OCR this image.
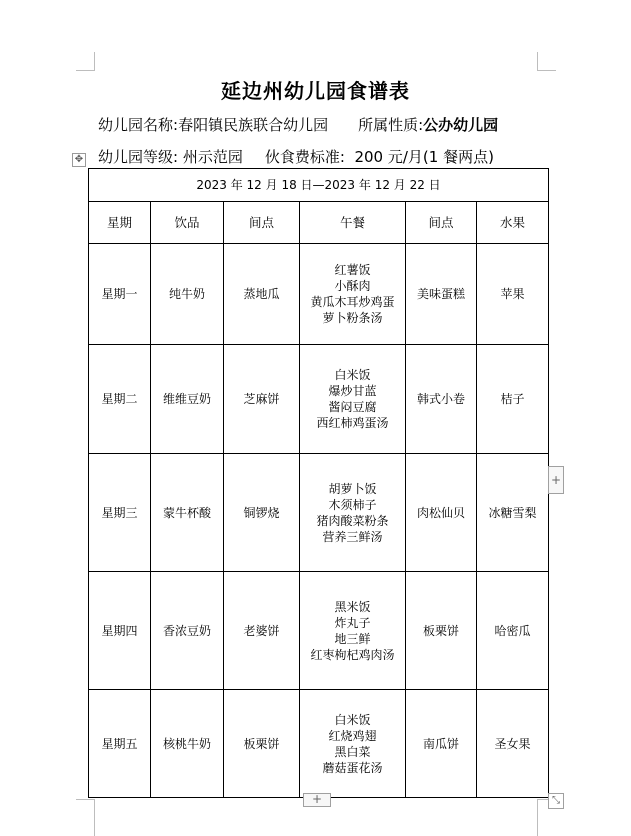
延边州幼儿园食谱表
幼儿园名称:春阳镇民族联合幼儿园 所属性质:公办幼儿园
幼儿园等级: 州示范园 伙食费标准: 200 元/月(1 餐两点)
✥
2023 年 12 月 18 日—2023 年 12 月 22 日					
星期	饮品	间点	午餐	间点	水果
星期一	纯牛奶	蒸地瓜	红薯饭
小酥肉
黄瓜木耳炒鸡蛋
萝卜粉条汤	美味蛋糕	苹果
星期二	维维豆奶	芝麻饼	白米饭
爆炒甘蓝
酱闷豆腐
西红柿鸡蛋汤	韩式小卷	桔子
星期三	蒙牛杯酸	铜锣烧	胡萝卜饭
木须柿子
猪肉酸菜粉条
营养三鲜汤	肉松仙贝	冰糖雪梨
星期四	香浓豆奶	老婆饼	黑米饭
炸丸子
地三鲜
红枣枸杞鸡肉汤	板栗饼	哈密瓜
星期五	核桃牛奶	板栗饼	白米饭
红烧鸡翅
黑白菜
蘑菇蛋花汤	南瓜饼	圣女果
+
+	⤡
